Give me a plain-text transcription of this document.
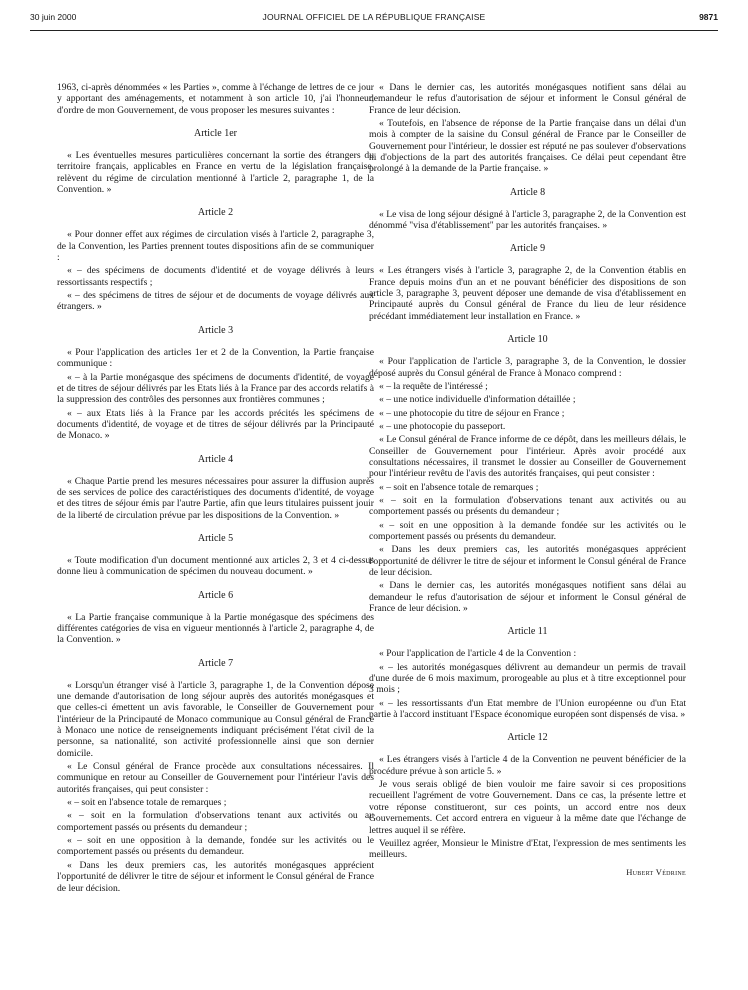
30 juin 2000	JOURNAL OFFICIEL DE LA RÉPUBLIQUE FRANÇAISE	9871

1963, ci-après dénommées « les Parties », comme à l'échange de lettres de ce jour y apportant des aménagements, et notamment à son article 10, j'ai l'honneur, d'ordre de mon Gouvernement, de vous proposer les mesures suivantes :

Article 1er

« Les éventuelles mesures particulières concernant la sortie des étrangers du territoire français, applicables en France en vertu de la législation française, relèvent du régime de circulation mentionné à l'article 2, paragraphe 1, de la Convention. »

Article 2

« Pour donner effet aux régimes de circulation visés à l'article 2, paragraphe 3, de la Convention, les Parties prennent toutes dispositions afin de se communiquer :

« – des spécimens de documents d'identité et de voyage délivrés à leurs ressortissants respectifs ;

« – des spécimens de titres de séjour et de documents de voyage délivrés aux étrangers. »

Article 3

« Pour l'application des articles 1er et 2 de la Convention, la Partie française communique :

« – à la Partie monégasque des spécimens de documents d'identité, de voyage et de titres de séjour délivrés par les Etats liés à la France par des accords relatifs à la suppression des contrôles des personnes aux frontières communes ;

« – aux Etats liés à la France par les accords précités les spécimens de documents d'identité, de voyage et de titres de séjour délivrés par la Principauté de Monaco. »

Article 4

« Chaque Partie prend les mesures nécessaires pour assurer la diffusion auprès de ses services de police des caractéristiques des documents d'identité, de voyage et des titres de séjour émis par l'autre Partie, afin que leurs titulaires puissent jouir de la liberté de circulation prévue par les dispositions de la Convention. »

Article 5

« Toute modification d'un document mentionné aux articles 2, 3 et 4 ci-dessus donne lieu à communication de spécimen du nouveau document. »

Article 6

« La Partie française communique à la Partie monégasque des spécimens des différentes catégories de visa en vigueur mentionnés à l'article 2, paragraphe 4, de la Convention. »

Article 7

« Lorsqu'un étranger visé à l'article 3, paragraphe 1, de la Convention dépose une demande d'autorisation de long séjour auprès des autorités monégasques et que celles-ci émettent un avis favorable, le Conseiller de Gouvernement pour l'intérieur de la Principauté de Monaco communique au Consul général de France à Monaco une notice de renseignements indiquant précisément l'état civil de la personne, sa nationalité, son activité professionnelle ainsi que son dernier domicile.

« Le Consul général de France procède aux consultations nécessaires. Il communique en retour au Conseiller de Gouvernement pour l'intérieur l'avis des autorités françaises, qui peut consister :

« – soit en l'absence totale de remarques ;

« – soit en la formulation d'observations tenant aux activités ou au comportement passés ou présents du demandeur ;

« – soit en une opposition à la demande, fondée sur les activités ou le comportement passés ou présents du demandeur.

« Dans les deux premiers cas, les autorités monégasques apprécient l'opportunité de délivrer le titre de séjour et informent le Consul général de France de leur décision.

« Dans le dernier cas, les autorités monégasques notifient sans délai au demandeur le refus d'autorisation de séjour et informent le Consul général de France de leur décision.

« Toutefois, en l'absence de réponse de la Partie française dans un délai d'un mois à compter de la saisine du Consul général de France par le Conseiller de Gouvernement pour l'intérieur, le dossier est réputé ne pas soulever d'observations ni d'objections de la part des autorités françaises. Ce délai peut cependant être prolongé à la demande de la Partie française. »

Article 8

« Le visa de long séjour désigné à l'article 3, paragraphe 2, de la Convention est dénommé "visa d'établissement" par les autorités françaises. »

Article 9

« Les étrangers visés à l'article 3, paragraphe 2, de la Convention établis en France depuis moins d'un an et ne pouvant bénéficier des dispositions de son article 3, paragraphe 3, peuvent déposer une demande de visa d'établissement en Principauté auprès du Consul général de France du lieu de leur résidence précédant immédiatement leur installation en France. »

Article 10

« Pour l'application de l'article 3, paragraphe 3, de la Convention, le dossier déposé auprès du Consul général de France à Monaco comprend :

« – la requête de l'intéressé ;

« – une notice individuelle d'information détaillée ;

« – une photocopie du titre de séjour en France ;

« – une photocopie du passeport.

« Le Consul général de France informe de ce dépôt, dans les meilleurs délais, le Conseiller de Gouvernement pour l'intérieur. Après avoir procédé aux consultations nécessaires, il transmet le dossier au Conseiller de Gouvernement pour l'intérieur revêtu de l'avis des autorités françaises, qui peut consister :

« – soit en l'absence totale de remarques ;

« – soit en la formulation d'observations tenant aux activités ou au comportement passés ou présents du demandeur ;

« – soit en une opposition à la demande fondée sur les activités ou le comportement passés ou présents du demandeur.

« Dans les deux premiers cas, les autorités monégasques apprécient l'opportunité de délivrer le titre de séjour et informent le Consul général de France de leur décision.

« Dans le dernier cas, les autorités monégasques notifient sans délai au demandeur le refus d'autorisation de séjour et informent le Consul général de France de leur décision. »

Article 11

« Pour l'application de l'article 4 de la Convention :

« – les autorités monégasques délivrent au demandeur un permis de travail d'une durée de 6 mois maximum, prorogeable au plus et à titre exceptionnel pour 3 mois ;

« – les ressortissants d'un Etat membre de l'Union européenne ou d'un Etat partie à l'accord instituant l'Espace économique européen sont dispensés de visa. »

Article 12

« Les étrangers visés à l'article 4 de la Convention ne peuvent bénéficier de la procédure prévue à son article 5. »

Je vous serais obligé de bien vouloir me faire savoir si ces propositions recueillent l'agrément de votre Gouvernement. Dans ce cas, la présente lettre et votre réponse constitueront, sur ces points, un accord entre nos deux Gouvernements. Cet accord entrera en vigueur à la même date que l'échange de lettres auquel il se réfère.

Veuillez agréer, Monsieur le Ministre d'Etat, l'expression de mes sentiments les meilleurs.

Hubert Védrine
